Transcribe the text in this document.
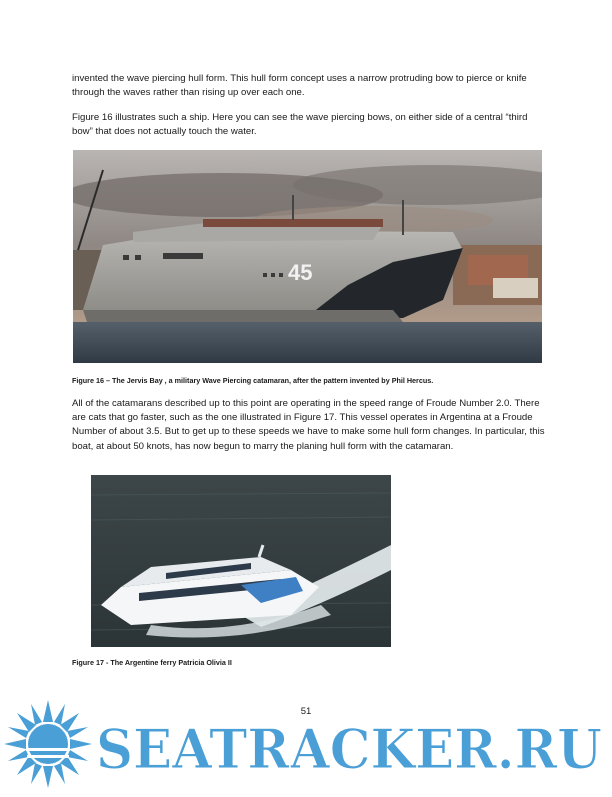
invented the wave piercing hull form. This hull form concept uses a narrow protruding bow to pierce or knife through the waves rather than rising up over each one.

Figure 16 illustrates such a ship. Here you can see the wave piercing bows, on either side of a central “third bow” that does not actually touch the water.

45

Figure 16 – The Jervis Bay , a military Wave Piercing catamaran, after the pattern invented by Phil Hercus.

All of the catamarans described up to this point are operating in the speed range of Froude Number 2.0. There are cats that go faster, such as the one illustrated in Figure 17. This vessel operates in Argentina at a Froude Number of about 3.5. But to get up to these speeds we have to make some hull form changes. In particular, this boat, at about 50 knots, has now begun to marry the planing hull form with the catamaran.

Figure 17 - The Argentine ferry Patricia Olivia II

51
SEATRACKER.RU
